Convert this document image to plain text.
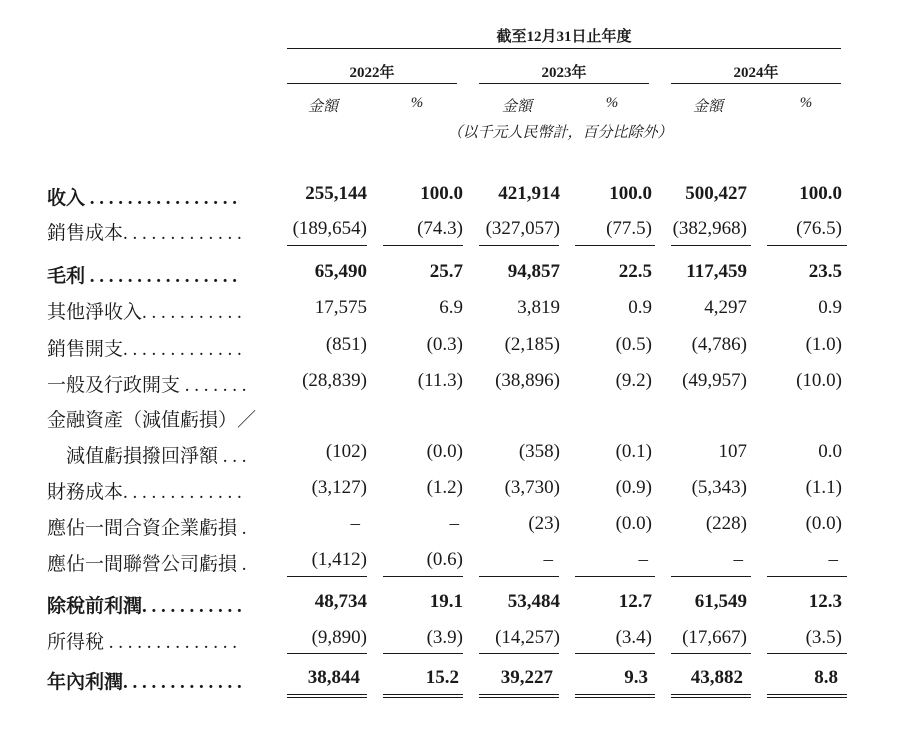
截至12月31日止年度
2022年	2023年	2024年
金額	%	金額	%	金額	%
（以千元人民幣計，百分比除外）
收入 . . . . . . . . . . . . . . . .	255,144	100.0	421,914	100.0	500,427	100.0
銷售成本. . . . . . . . . . . . .	(189,654)	(74.3)	(327,057)	(77.5)	(382,968)	(76.5)
毛利 . . . . . . . . . . . . . . . .	65,490	25.7	94,857	22.5	117,459	23.5
其他淨收入. . . . . . . . . . .	17,575	6.9	3,819	0.9	4,297	0.9
銷售開支. . . . . . . . . . . . .	(851)	(0.3)	(2,185)	(0.5)	(4,786)	(1.0)
一般及行政開支 . . . . . . .	(28,839)	(11.3)	(38,896)	(9.2)	(49,957)	(10.0)
金融資產（減值虧損）／
減值虧損撥回淨額 . . .	(102)	(0.0)	(358)	(0.1)	107	0.0
財務成本. . . . . . . . . . . . .	(3,127)	(1.2)	(3,730)	(0.9)	(5,343)	(1.1)
應佔一間合資企業虧損 .	–	–	(23)	(0.0)	(228)	(0.0)
應佔一間聯營公司虧損 .	(1,412)	(0.6)	–	–	–	–
除稅前利潤. . . . . . . . . . .	48,734	19.1	53,484	12.7	61,549	12.3
所得稅 . . . . . . . . . . . . . .	(9,890)	(3.9)	(14,257)	(3.4)	(17,667)	(3.5)
年內利潤. . . . . . . . . . . . .	38,844	15.2	39,227	9.3	43,882	8.8
